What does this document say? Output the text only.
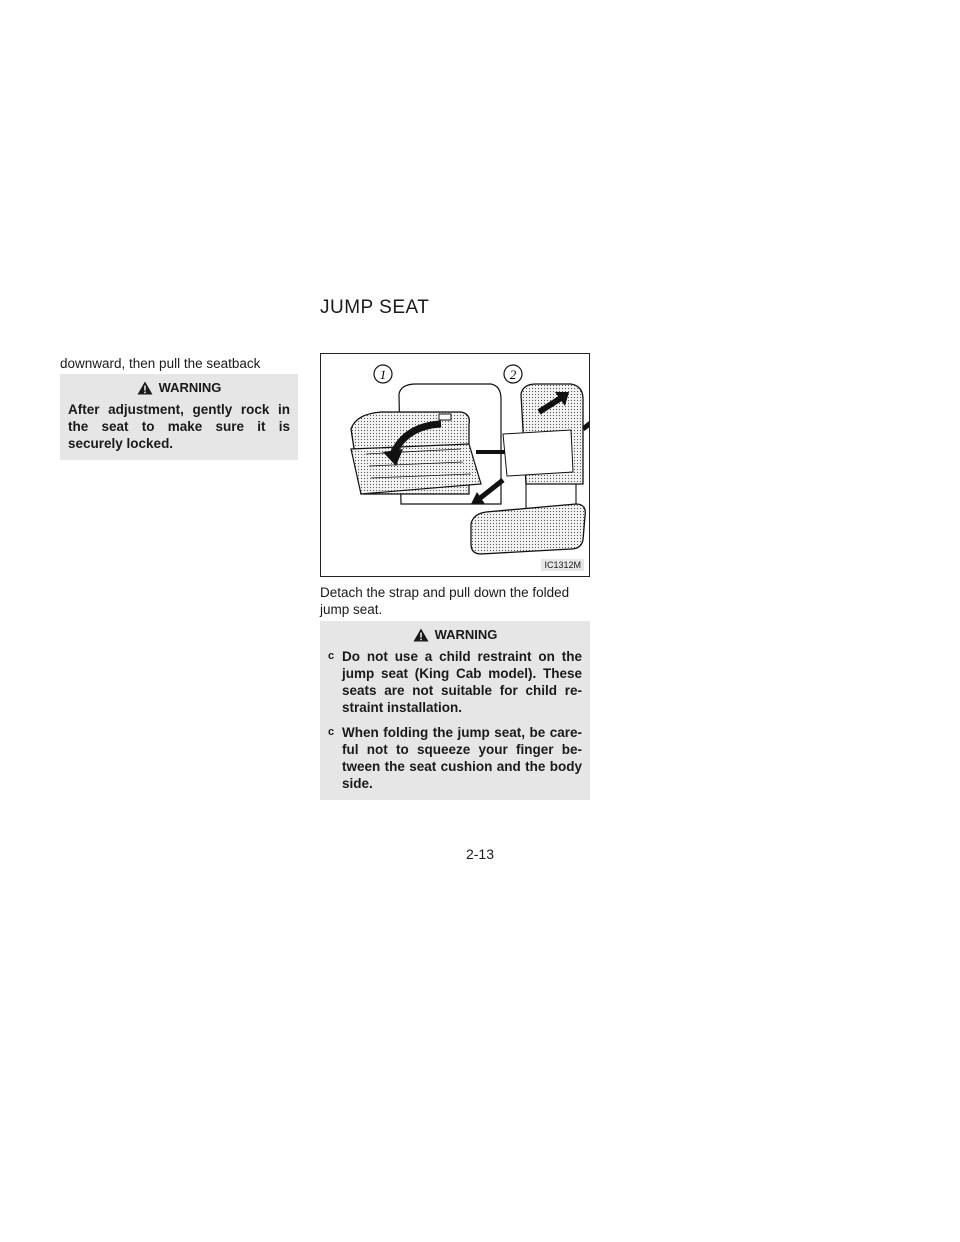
JUMP SEAT
downward, then pull the seatback
WARNING
After adjustment, gently rock in the seat to make sure it is securely locked.
1	2
IC1312M
Detach the strap and pull down the folded jump seat.
WARNING
c Do not use a child restraint on the jump seat (King Cab model). These seats are not suitable for child re-straint installation.
c When folding the jump seat, be care-ful not to squeeze your finger be-tween the seat cushion and the body side.
2-13
